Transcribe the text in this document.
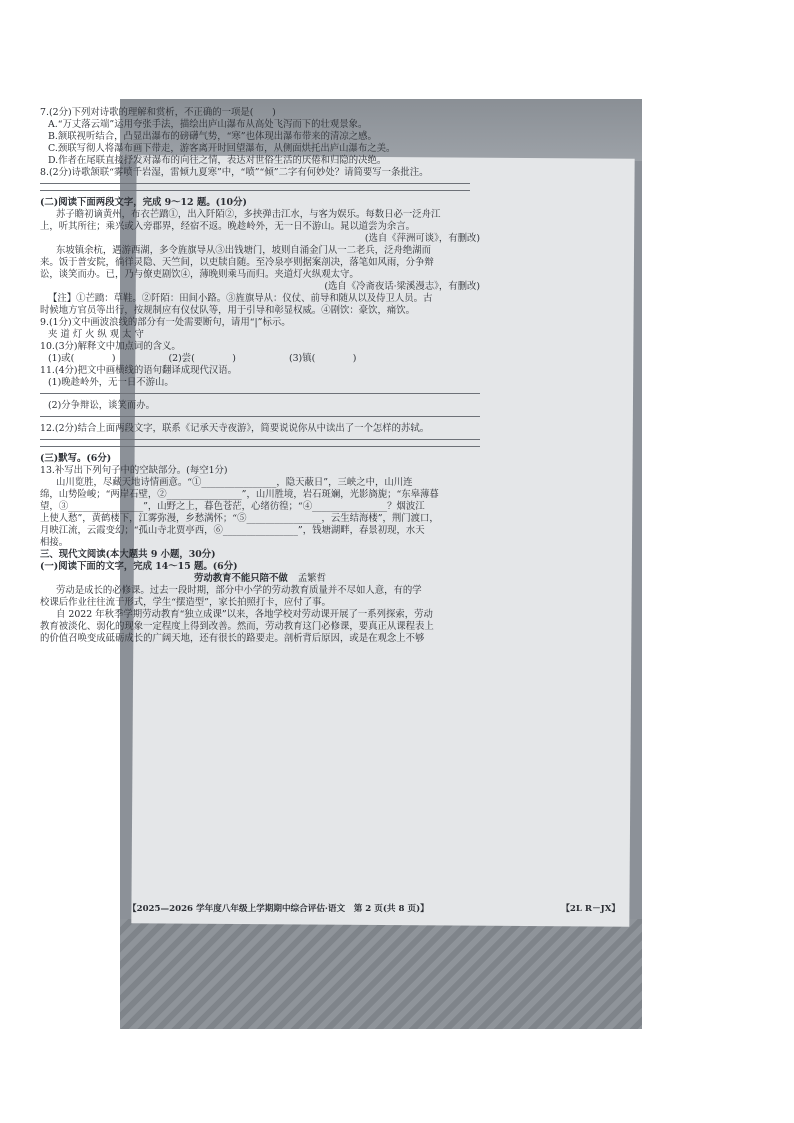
7.(2分)下列对诗歌的理解和赏析，不正确的一项是(　　)
A.“万丈落云端”运用夸张手法，描绘出庐山瀑布从高处飞泻而下的壮观景象。
B.颔联视听结合，凸显出瀑布的磅礴气势，“寒”也体现出瀑布带来的清凉之感。
C.颈联写彻人将瀑布画下带走，游客离开时回望瀑布，从侧面烘托出庐山瀑布之美。
D.作者在尾联直接抒发对瀑布的向往之情，表达对世俗生活的厌倦和归隐的决绝。
8.(2分)诗歌颔联“雾喷千岩湿，雷倾九夏寒”中，“喷”“倾”二字有何妙处？请简要写一条批注。
(二)阅读下面两段文字，完成 9～12 题。(10分)
苏子瞻初谪黄州，布衣芒蹻①，出入阡陌②，多挟弹击江水，与客为娱乐。每数日必一泛舟江
上，听其所往；乘兴或入旁郡界，经宿不返。晚趁岭外，无一日不游山。晁以道尝为余言。
(选自《萍洲可谈》，有删改)
东坡镇余杭，遇游西湖，多令旌旗导从③出钱塘门，坡则自涌金门从一二老兵，泛舟绝湖而
来。饭于普安院，徜徉灵隐、天竺间，以吏牍自随。至冷泉亭则据案剖决，落笔如风雨，分争辩
讼，谈笑而办。已，乃与僚吏剧饮④，薄晚则乘马而归。夹道灯火纵观太守。
(选自《冷斋夜话·梁溪漫志》，有删改)
【注】①芒蹻：草鞋。②阡陌：田间小路。③旌旗导从：仪仗、前导和随从以及侍卫人员。古
时候地方官员等出行，按规制应有仪仗队等，用于引导和彰显权威。④剧饮：豪饮，痛饮。
9.(1分)文中画波浪线的部分有一处需要断句，请用“|”标示。
夹 道 灯 火 纵 观 太 守
10.(3分)解释文中加点词的含义。
(1)或(　　　　)	(2)尝(　　　　)	(3)镇(　　　　)
11.(4分)把文中画横线的语句翻译成现代汉语。
(1)晚趁岭外，无一日不游山。
(2)分争辩讼，谈笑而办。
12.(2分)结合上面两段文字，联系《记承天寺夜游》，简要说说你从中读出了一个怎样的苏轼。
(三)默写。(6分)
13.补写出下列句子中的空缺部分。(每空1分)
山川览胜，尽藏天地诗情画意。“①________________，隐天蔽日”，三峡之中，山川连
绵，山势险峻；“两岸石壁，②________________”，山川胜境，岩石斑斓，光影旖旎；“东皋薄暮
望，③________________”，山野之上，暮色苍茫，心绪彷徨；“④________________？烟波江
上使人愁”，黄鹤楼下，江雾弥漫，乡愁满怀；“⑤________________，云生结海楼”，荆门渡口，
月映江流，云霞变幻；“孤山寺北贾亭西，⑥________________”，钱塘湖畔，春景初现，水天
相接。
三、现代文阅读(本大题共 9 小题，30分)
(一)阅读下面的文字，完成 14～15 题。(6分)
劳动教育不能只陪不做 孟繁哲
劳动是成长的必修课。过去一段时期，部分中小学的劳动教育质量并不尽如人意，有的学
校课后作业往往流于形式，学生“摆造型”，家长拍照打卡，应付了事。
自 2022 年秋季学期劳动教育“独立成课”以来，各地学校对劳动课开展了一系列探索，劳动
教育被淡化、弱化的现象一定程度上得到改善。然而，劳动教育这门必修课，要真正从课程表上
的价值召唤变成砥砺成长的广阔天地，还有很长的路要走。剖析背后原因，或是在观念上不够
【2025—2026 学年度八年级上学期期中综合评估·语文　第 2 页(共 8 页)】	【2L R－JX】
